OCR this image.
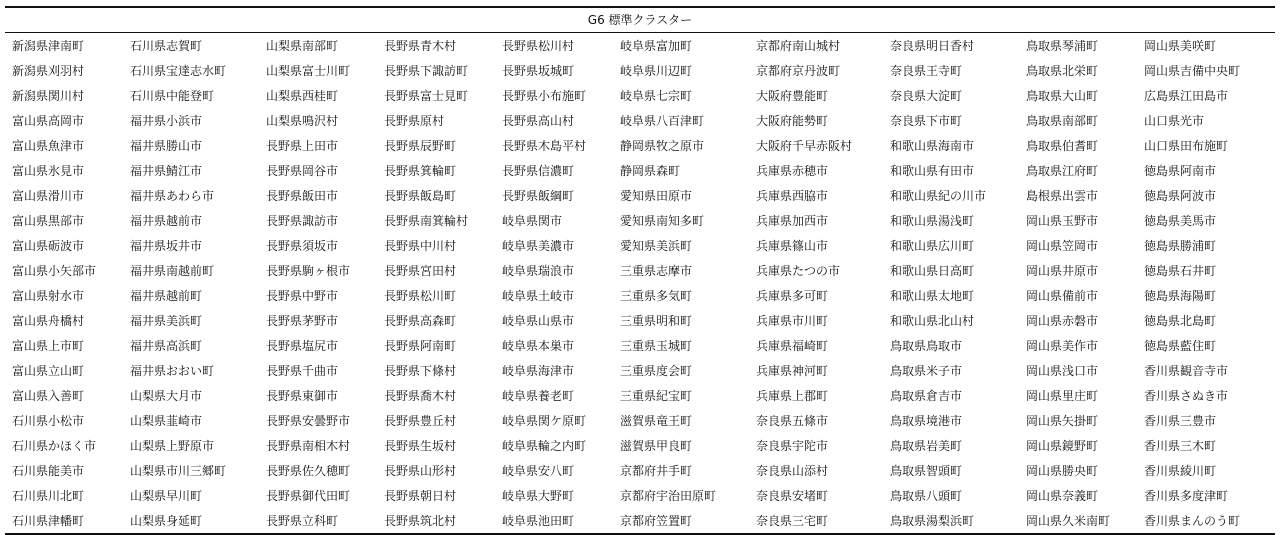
G6 標準クラスター
新潟県津南町	石川県志賀町	山梨県南部町	長野県青木村	長野県松川村	岐阜県富加町	京都府南山城村	奈良県明日香村	鳥取県琴浦町	岡山県美咲町
新潟県刈羽村	石川県宝達志水町	山梨県富士川町	長野県下諏訪町	長野県坂城町	岐阜県川辺町	京都府京丹波町	奈良県王寺町	鳥取県北栄町	岡山県吉備中央町
新潟県関川村	石川県中能登町	山梨県西桂町	長野県富士見町	長野県小布施町	岐阜県七宗町	大阪府豊能町	奈良県大淀町	鳥取県大山町	広島県江田島市
富山県高岡市	福井県小浜市	山梨県鳴沢村	長野県原村	長野県高山村	岐阜県八百津町	大阪府能勢町	奈良県下市町	鳥取県南部町	山口県光市
富山県魚津市	福井県勝山市	長野県上田市	長野県辰野町	長野県木島平村	静岡県牧之原市	大阪府千早赤阪村	和歌山県海南市	鳥取県伯耆町	山口県田布施町
富山県氷見市	福井県鯖江市	長野県岡谷市	長野県箕輪町	長野県信濃町	静岡県森町	兵庫県赤穂市	和歌山県有田市	鳥取県江府町	徳島県阿南市
富山県滑川市	福井県あわら市	長野県飯田市	長野県飯島町	長野県飯綱町	愛知県田原市	兵庫県西脇市	和歌山県紀の川市	島根県出雲市	徳島県阿波市
富山県黒部市	福井県越前市	長野県諏訪市	長野県南箕輪村	岐阜県関市	愛知県南知多町	兵庫県加西市	和歌山県湯浅町	岡山県玉野市	徳島県美馬市
富山県砺波市	福井県坂井市	長野県須坂市	長野県中川村	岐阜県美濃市	愛知県美浜町	兵庫県篠山市	和歌山県広川町	岡山県笠岡市	徳島県勝浦町
富山県小矢部市	福井県南越前町	長野県駒ヶ根市	長野県宮田村	岐阜県瑞浪市	三重県志摩市	兵庫県たつの市	和歌山県日高町	岡山県井原市	徳島県石井町
富山県射水市	福井県越前町	長野県中野市	長野県松川町	岐阜県土岐市	三重県多気町	兵庫県多可町	和歌山県太地町	岡山県備前市	徳島県海陽町
富山県舟橋村	福井県美浜町	長野県茅野市	長野県高森町	岐阜県山県市	三重県明和町	兵庫県市川町	和歌山県北山村	岡山県赤磐市	徳島県北島町
富山県上市町	福井県高浜町	長野県塩尻市	長野県阿南町	岐阜県本巣市	三重県玉城町	兵庫県福崎町	鳥取県鳥取市	岡山県美作市	徳島県藍住町
富山県立山町	福井県おおい町	長野県千曲市	長野県下條村	岐阜県海津市	三重県度会町	兵庫県神河町	鳥取県米子市	岡山県浅口市	香川県観音寺市
富山県入善町	山梨県大月市	長野県東御市	長野県喬木村	岐阜県養老町	三重県紀宝町	兵庫県上郡町	鳥取県倉吉市	岡山県里庄町	香川県さぬき市
石川県小松市	山梨県韮崎市	長野県安曇野市	長野県豊丘村	岐阜県関ケ原町	滋賀県竜王町	奈良県五條市	鳥取県境港市	岡山県矢掛町	香川県三豊市
石川県かほく市	山梨県上野原市	長野県南相木村	長野県生坂村	岐阜県輪之内町	滋賀県甲良町	奈良県宇陀市	鳥取県岩美町	岡山県鏡野町	香川県三木町
石川県能美市	山梨県市川三郷町	長野県佐久穂町	長野県山形村	岐阜県安八町	京都府井手町	奈良県山添村	鳥取県智頭町	岡山県勝央町	香川県綾川町
石川県川北町	山梨県早川町	長野県御代田町	長野県朝日村	岐阜県大野町	京都府宇治田原町	奈良県安堵町	鳥取県八頭町	岡山県奈義町	香川県多度津町
石川県津幡町	山梨県身延町	長野県立科町	長野県筑北村	岐阜県池田町	京都府笠置町	奈良県三宅町	鳥取県湯梨浜町	岡山県久米南町	香川県まんのう町
